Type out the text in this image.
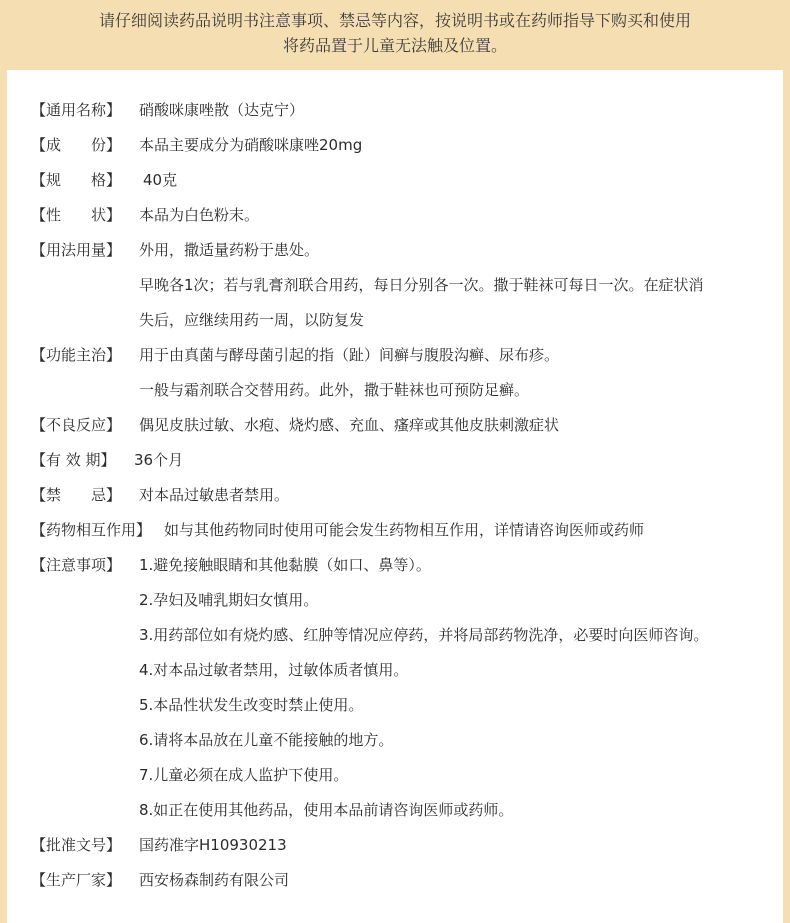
请仔细阅读药品说明书注意事项、禁忌等内容，按说明书或在药师指导下购买和使用
将药品置于儿童无法触及位置。
【通用名称】 硝酸咪康唑散（达克宁）
【成　　份】 本品主要成分为硝酸咪康唑20mg
【规　　格】 40克
【性　　状】 本品为白色粉末。
【用法用量】 外用，撒适量药粉于患处。
早晚各1次；若与乳膏剂联合用药，每日分别各一次。撒于鞋袜可每日一次。在症状消
失后，应继续用药一周，以防复发
【功能主治】 用于由真菌与酵母菌引起的指（趾）间癣与腹股沟癣、尿布疹。
一般与霜剂联合交替用药。此外，撒于鞋袜也可预防足癣。
【不良反应】 偶见皮肤过敏、水疱、烧灼感、充血、瘙痒或其他皮肤刺激症状
【有 效 期】 36个月
【禁　　忌】 对本品过敏患者禁用。
【药物相互作用】 如与其他药物同时使用可能会发生药物相互作用，详情请咨询医师或药师
【注意事项】 1.避免接触眼睛和其他黏膜（如口、鼻等）。
2.孕妇及哺乳期妇女慎用。
3.用药部位如有烧灼感、红肿等情况应停药，并将局部药物洗净，必要时向医师咨询。
4.对本品过敏者禁用，过敏体质者慎用。
5.本品性状发生改变时禁止使用。
6.请将本品放在儿童不能接触的地方。
7.儿童必须在成人监护下使用。
8.如正在使用其他药品，使用本品前请咨询医师或药师。
【批准文号】 国药准字H10930213
【生产厂家】 西安杨森制药有限公司
